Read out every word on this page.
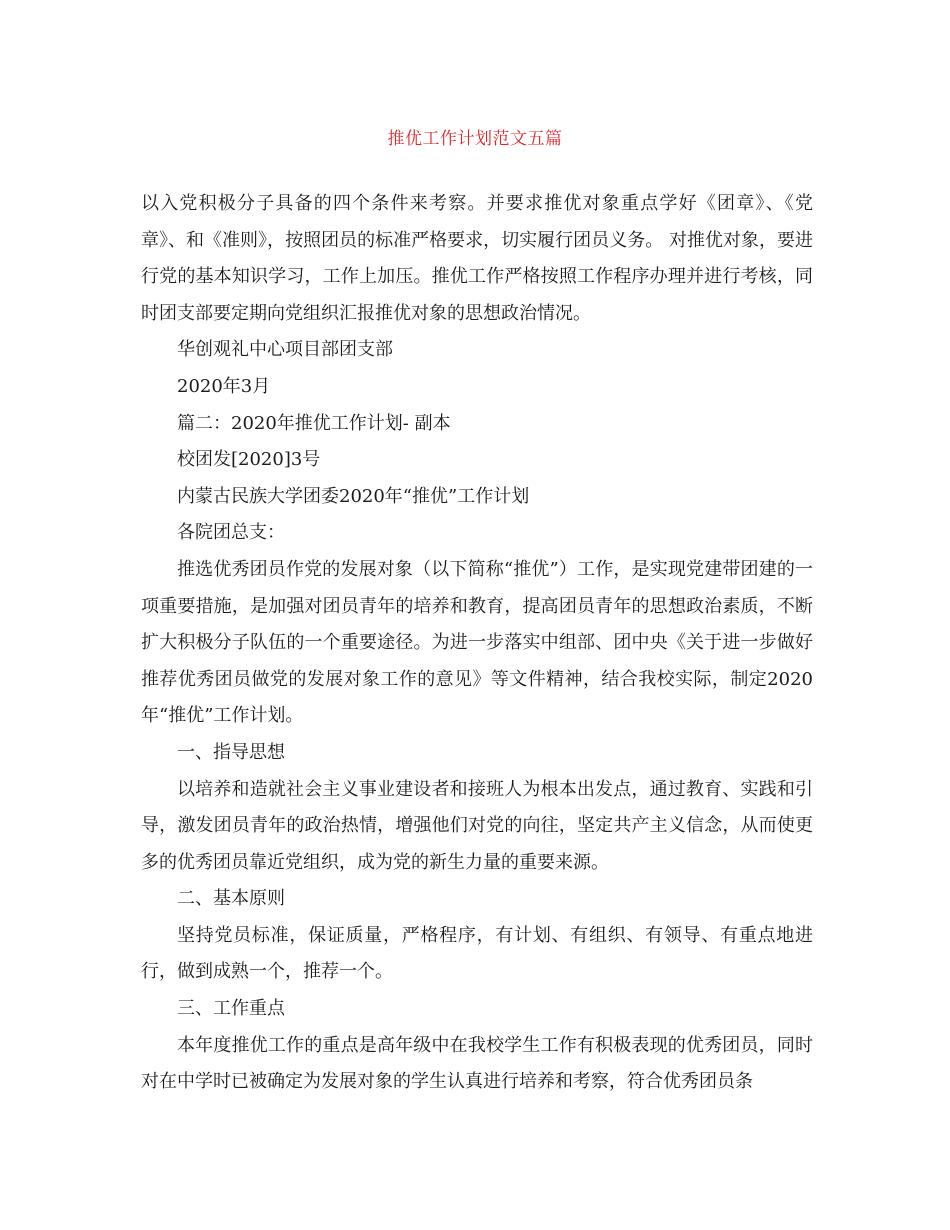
推优工作计划范文五篇

以入党积极分子具备的四个条件来考察。并要求推优对象重点学好《团章》、《党章》、和《准则》，按照团员的标准严格要求，切实履行团员义务。 对推优对象，要进行党的基本知识学习，工作上加压。推优工作严格按照工作程序办理并进行考核，同时团支部要定期向党组织汇报推优对象的思想政治情况。

华创观礼中心项目部团支部

2020年3月

篇二：2020年推优工作计划- 副本

校团发[2020]3号

内蒙古民族大学团委2020年“推优”工作计划

各院团总支：

推选优秀团员作党的发展对象（以下简称“推优”）工作，是实现党建带团建的一项重要措施，是加强对团员青年的培养和教育，提高团员青年的思想政治素质，不断扩大积极分子队伍的一个重要途径。为进一步落实中组部、团中央《关于进一步做好推荐优秀团员做党的发展对象工作的意见》等文件精神，结合我校实际，制定2020年“推优”工作计划。

一、指导思想

以培养和造就社会主义事业建设者和接班人为根本出发点，通过教育、实践和引导，激发团员青年的政治热情，增强他们对党的向往，坚定共产主义信念，从而使更多的优秀团员靠近党组织，成为党的新生力量的重要来源。

二、基本原则

坚持党员标准，保证质量，严格程序，有计划、有组织、有领导、有重点地进行，做到成熟一个，推荐一个。

三、工作重点

本年度推优工作的重点是高年级中在我校学生工作有积极表现的优秀团员，同时对在中学时已被确定为发展对象的学生认真进行培养和考察，符合优秀团员条
